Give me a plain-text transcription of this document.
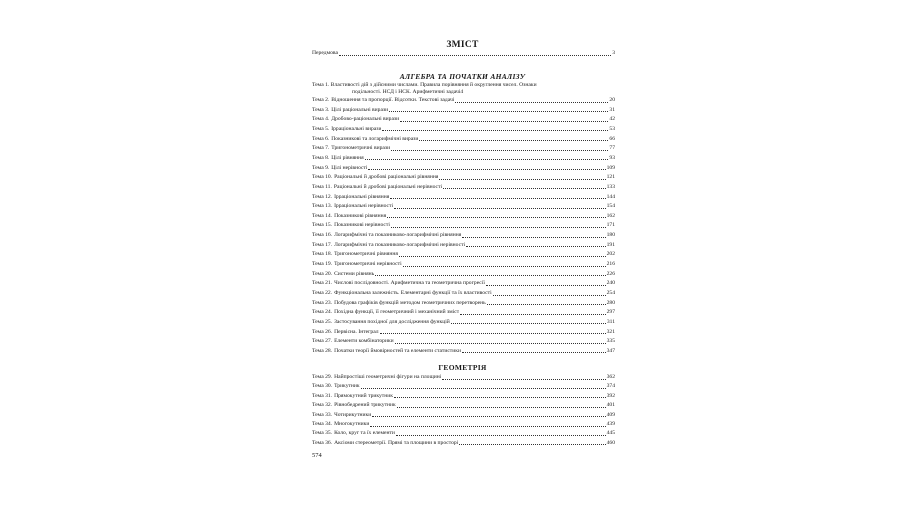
ЗМІСТ
Передмова	3
АЛГЕБРА ТА ПОЧАТКИ АНАЛІЗУ
Тема 1. Властивості дій з дійсними числами. Правила порівняння й округлення чисел. Ознаки
подільності. НСД і НСК. Арифметичні задачі 4
Тема 2. Відношення та пропорції. Відсотки. Текстові задачі	20
Тема 3. Цілі раціональні вирази	31
Тема 4. Дробово-раціональні вирази	42
Тема 5. Ірраціональні вирази	53
Тема 6. Показникові та логарифмічні вирази	66
Тема 7. Тригонометричні вирази	77
Тема 8. Цілі рівняння	93
Тема 9. Цілі нерівності	109
Тема 10. Раціональні й дробові раціональні рівняння	121
Тема 11. Раціональні й дробові раціональні нерівності	133
Тема 12. Ірраціональні рівняння	144
Тема 13. Ірраціональні нерівності	154
Тема 14. Показникові рівняння	162
Тема 15. Показникові нерівності	171
Тема 16. Логарифмічні та показниково-логарифмічні рівняння	180
Тема 17. Логарифмічні та показниково-логарифмічні нерівності	191
Тема 18. Тригонометричні рівняння	202
Тема 19. Тригонометричні нерівності	216
Тема 20. Системи рівнянь	226
Тема 21. Числові послідовності. Арифметична та геометрична прогресії	240
Тема 22. Функціональна залежність. Елементарні функції та їх властивості	254
Тема 23. Побудова графіків функцій методом геометричних перетворень	280
Тема 24. Похідна функції, її геометричний і механічний зміст	297
Тема 25. Застосування похідної для дослідження функцій	311
Тема 26. Первісна. Інтеграл	321
Тема 27. Елементи комбінаторики	335
Тема 28. Початки теорії ймовірностей та елементи статистики	347
ГЕОМЕТРІЯ
Тема 29. Найпростіші геометричні фігури на площині	362
Тема 30. Трикутник	374
Тема 31. Прямокутний трикутник	392
Тема 32. Рівнобедрений трикутник	401
Тема 33. Чотирикутники	409
Тема 34. Многокутники	439
Тема 35. Коло, круг та їх елементи	445
Тема 36. Аксіоми стереометрії. Прямі та площини в просторі	460
574
